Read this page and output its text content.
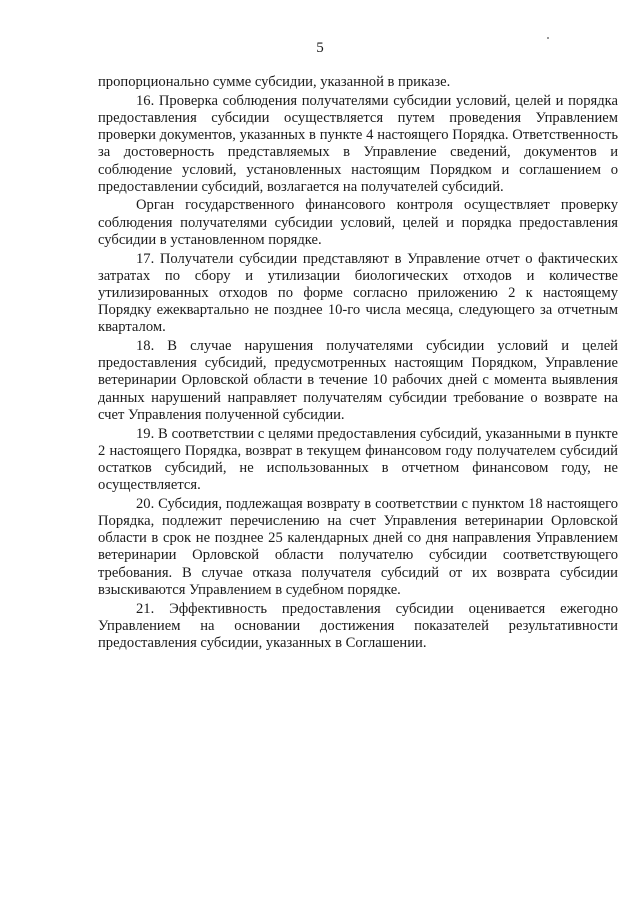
5

пропорционально сумме субсидии, указанной в приказе.

16. Проверка соблюдения получателями субсидии условий, целей и порядка предоставления субсидии осуществляется путем проведения Управлением проверки документов, указанных в пункте 4 настоящего Порядка. Ответственность за достоверность представляемых в Управление сведений, документов и соблюдение условий, установленных настоящим Порядком и соглашением о предоставлении субсидий, возлагается на получателей субсидий.

Орган государственного финансового контроля осуществляет проверку соблюдения получателями субсидии условий, целей и порядка предоставления субсидии в установленном порядке.

17. Получатели субсидии представляют в Управление отчет о фактических затратах по сбору и утилизации биологических отходов и количестве утилизированных отходов по форме согласно приложению 2 к настоящему Порядку ежеквартально не позднее 10-го числа месяца, следующего за отчетным кварталом.

18. В случае нарушения получателями субсидии условий и целей предоставления субсидий, предусмотренных настоящим Порядком, Управление ветеринарии Орловской области в течение 10 рабочих дней с момента выявления данных нарушений направляет получателям субсидии требование о возврате на счет Управления полученной субсидии.

19. В соответствии с целями предоставления субсидий, указанными в пункте 2 настоящего Порядка, возврат в текущем финансовом году получателем субсидий остатков субсидий, не использованных в отчетном финансовом году, не осуществляется.

20. Субсидия, подлежащая возврату в соответствии с пунктом 18 настоящего Порядка, подлежит перечислению на счет Управления ветеринарии Орловской области в срок не позднее 25 календарных дней со дня направления Управлением ветеринарии Орловской области получателю субсидии соответствующего требования. В случае отказа получателя субсидий от их возврата субсидии взыскиваются Управлением в судебном порядке.

21. Эффективность предоставления субсидии оценивается ежегодно Управлением на основании достижения показателей результативности предоставления субсидии, указанных в Соглашении.
